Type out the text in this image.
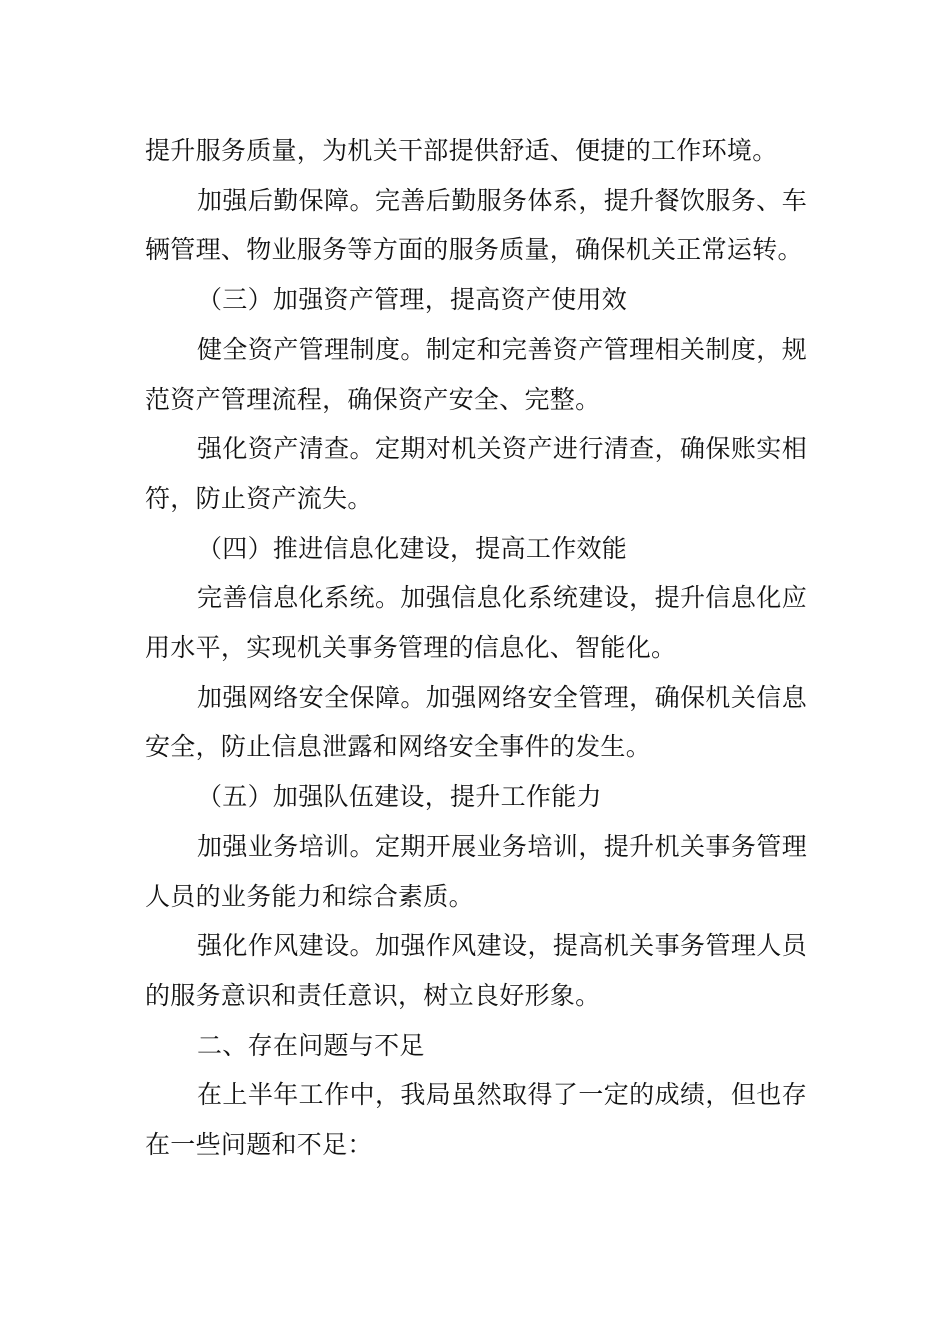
提升服务质量，为机关干部提供舒适、便捷的工作环境。

加强后勤保障。完善后勤服务体系，提升餐饮服务、车辆管理、物业服务等方面的服务质量，确保机关正常运转。

（三）加强资产管理，提高资产使用效

健全资产管理制度。制定和完善资产管理相关制度，规范资产管理流程，确保资产安全、完整。

强化资产清查。定期对机关资产进行清查，确保账实相符，防止资产流失。

（四）推进信息化建设，提高工作效能

完善信息化系统。加强信息化系统建设，提升信息化应用水平，实现机关事务管理的信息化、智能化。

加强网络安全保障。加强网络安全管理，确保机关信息安全，防止信息泄露和网络安全事件的发生。

（五）加强队伍建设，提升工作能力

加强业务培训。定期开展业务培训，提升机关事务管理人员的业务能力和综合素质。

强化作风建设。加强作风建设，提高机关事务管理人员的服务意识和责任意识，树立良好形象。

二、存在问题与不足

在上半年工作中，我局虽然取得了一定的成绩，但也存在一些问题和不足：
